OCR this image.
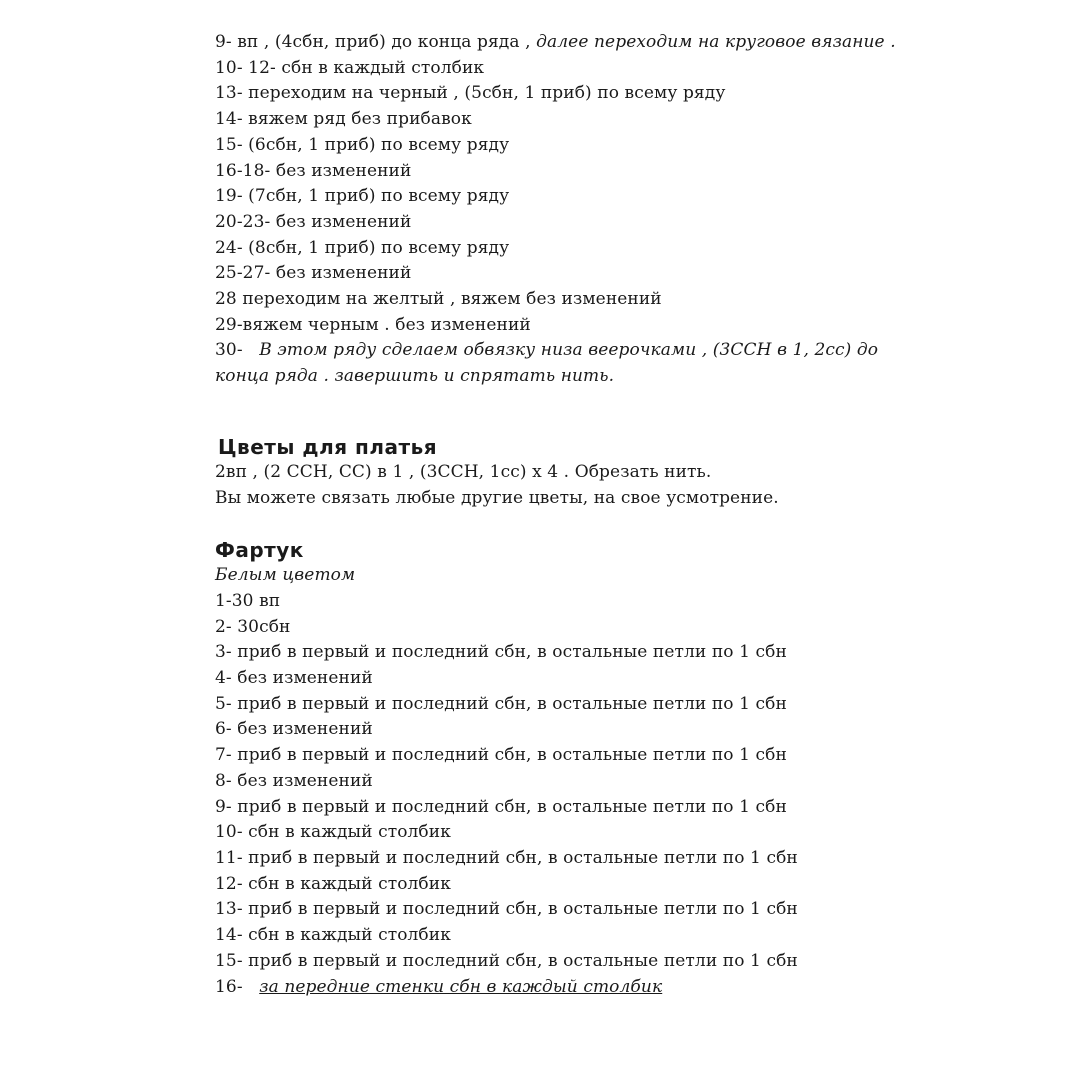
9- вп , (4сбн, приб) до конца ряда , далее переходим на круговое вязание .
10- 12- сбн в каждый столбик
13- переходим на черный , (5сбн, 1 приб) по всему ряду
14- вяжем ряд без прибавок
15- (6сбн, 1 приб) по всему ряду
16-18- без изменений
19- (7сбн, 1 приб) по всему ряду
20-23- без изменений
24- (8сбн, 1 приб) по всему ряду
25-27- без изменений
28 переходим на желтый , вяжем без изменений
29-вяжем черным . без изменений
30- В этом ряду сделаем обвязку низа веерочками , (3ССН в 1, 2сс) до конца ряда . завершить и спрятать нить.
Цветы для платья
2вп , (2 ССН, СС) в 1 , (3ССН, 1сс) х 4 . Обрезать нить.
Вы можете связать любые другие цветы, на свое усмотрение.
Фартук
Белым цветом
1-30 вп
2- 30сбн
3- приб в первый и последний сбн, в остальные петли по 1 сбн
4- без изменений
5- приб в первый и последний сбн, в остальные петли по 1 сбн
6- без изменений
7- приб в первый и последний сбн, в остальные петли по 1 сбн
8- без изменений
9- приб в первый и последний сбн, в остальные петли по 1 сбн
10- сбн в каждый столбик
11- приб в первый и последний сбн, в остальные петли по 1 сбн
12- сбн в каждый столбик
13- приб в первый и последний сбн, в остальные петли по 1 сбн
14- сбн в каждый столбик
15- приб в первый и последний сбн, в остальные петли по 1 сбн
16- за передние стенки сбн в каждый столбик
